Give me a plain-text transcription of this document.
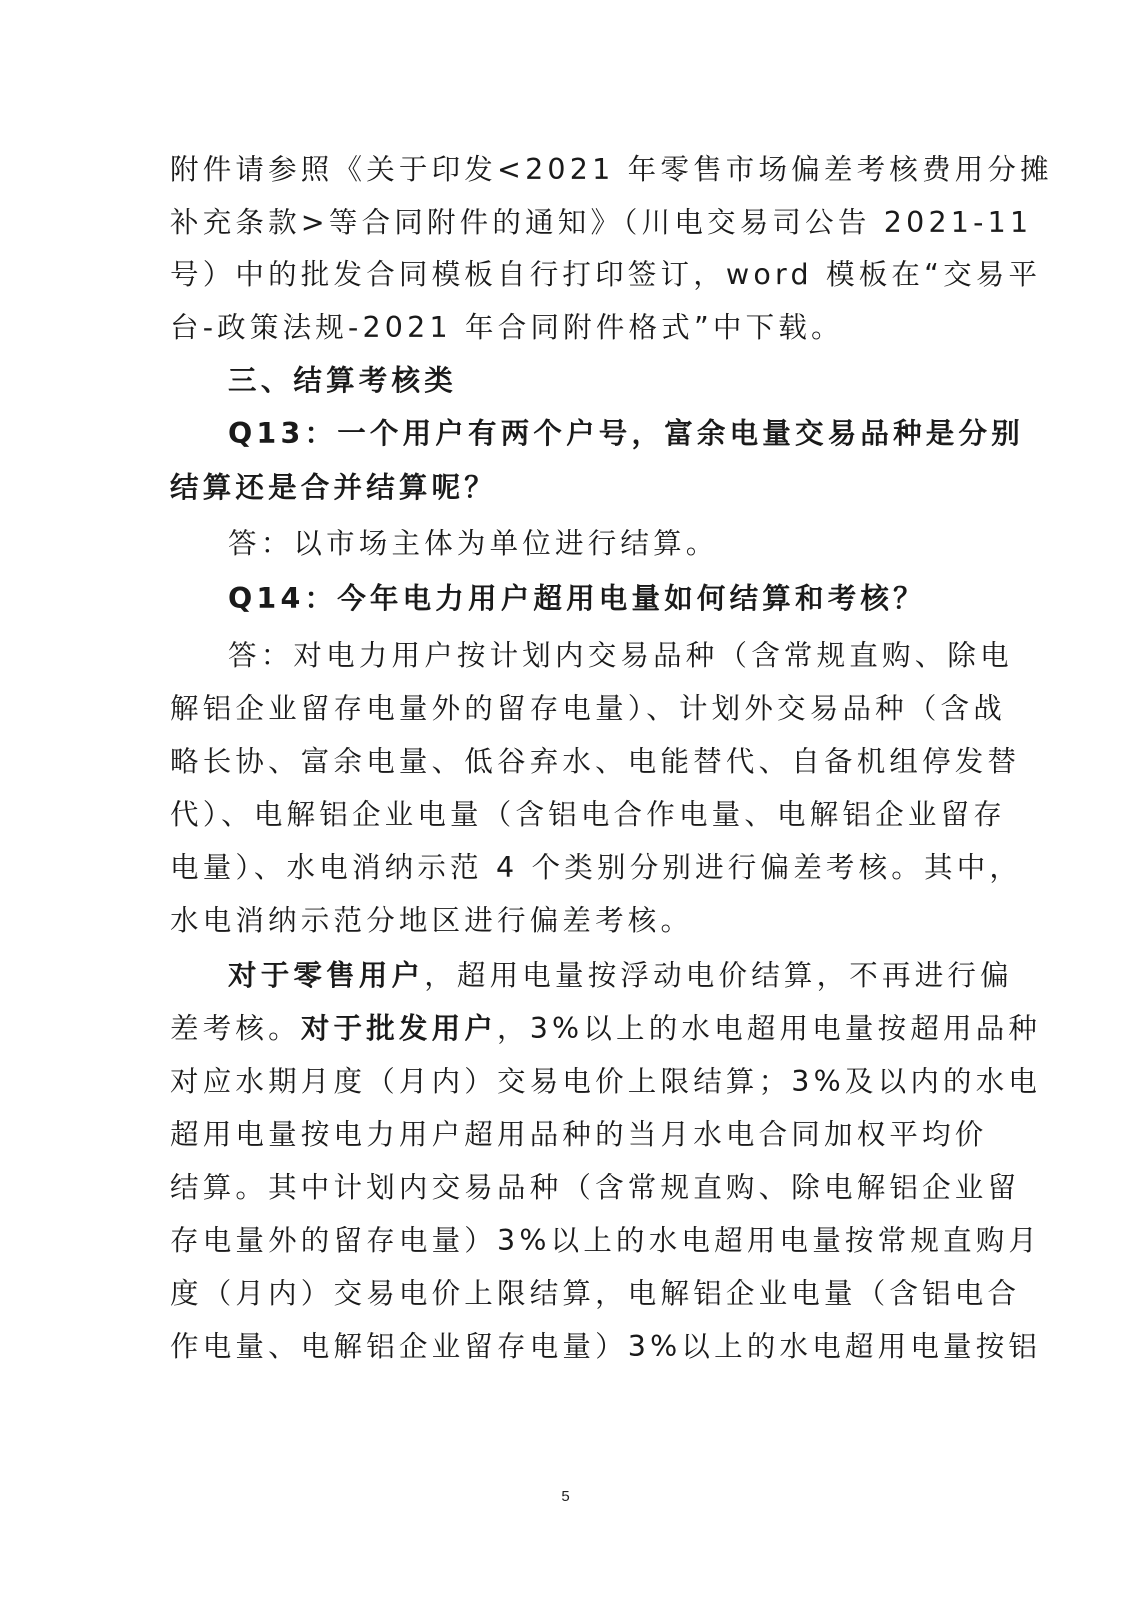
附件请参照《关于印发<2021 年零售市场偏差考核费用分摊
补充条款>等合同附件的通知》（川电交易司公告 2021-11
号）中的批发合同模板自行打印签订，word 模板在“交易平
台-政策法规-2021 年合同附件格式”中下载。
三、结算考核类
Q13：一个用户有两个户号，富余电量交易品种是分别
结算还是合并结算呢？
答：以市场主体为单位进行结算。
Q14：今年电力用户超用电量如何结算和考核？
答：对电力用户按计划内交易品种（含常规直购、除电
解铝企业留存电量外的留存电量）、计划外交易品种（含战
略长协、富余电量、低谷弃水、电能替代、自备机组停发替
代）、电解铝企业电量（含铝电合作电量、电解铝企业留存
电量）、水电消纳示范 4 个类别分别进行偏差考核。其中，
水电消纳示范分地区进行偏差考核。
对于零售用户，超用电量按浮动电价结算，不再进行偏
差考核。对于批发用户，3%以上的水电超用电量按超用品种
对应水期月度（月内）交易电价上限结算；3%及以内的水电
超用电量按电力用户超用品种的当月水电合同加权平均价
结算。其中计划内交易品种（含常规直购、除电解铝企业留
存电量外的留存电量）3%以上的水电超用电量按常规直购月
度（月内）交易电价上限结算，电解铝企业电量（含铝电合
作电量、电解铝企业留存电量）3%以上的水电超用电量按铝
5
